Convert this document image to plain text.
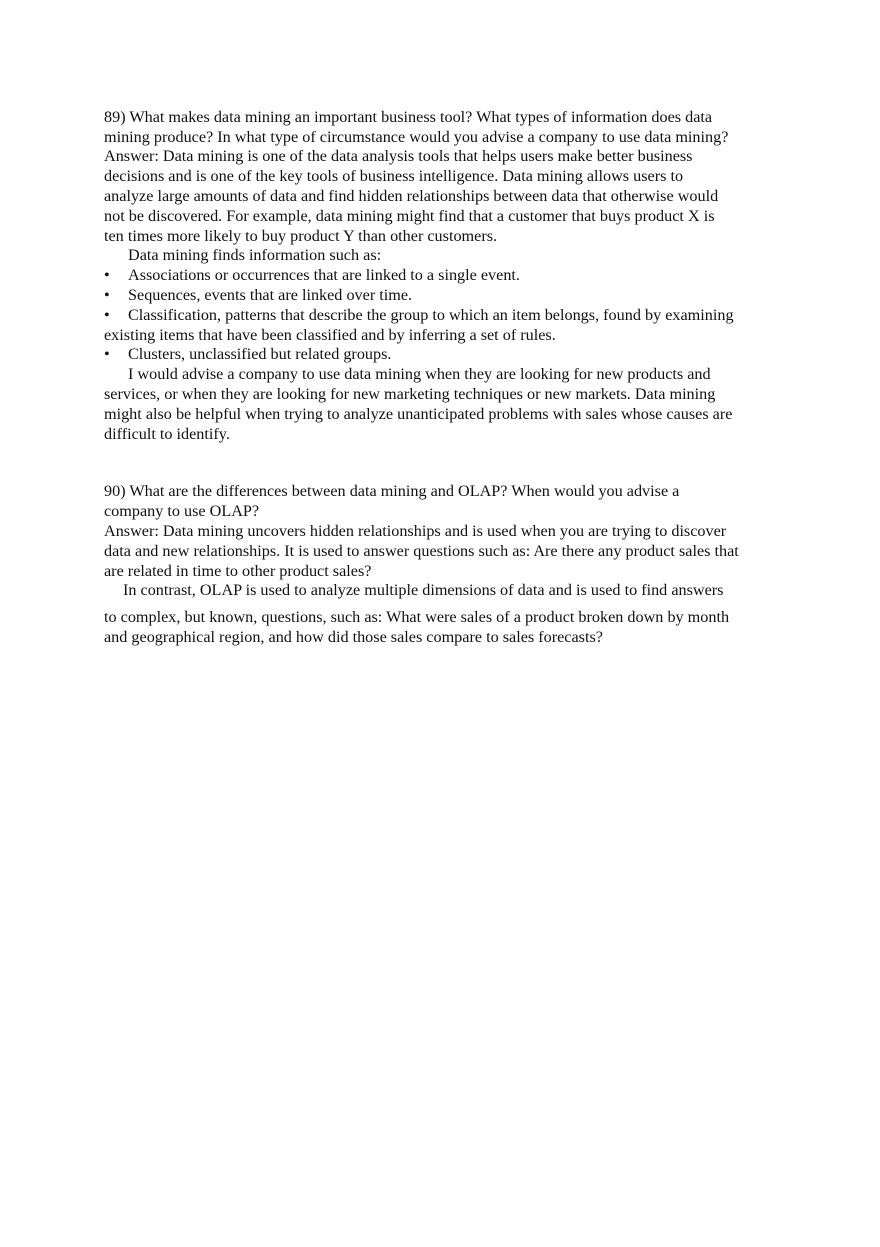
89) What makes data mining an important business tool? What types of information does data

mining produce? In what type of circumstance would you advise a company to use data mining?

Answer: Data mining is one of the data analysis tools that helps users make better business

decisions and is one of the key tools of business intelligence. Data mining allows users to

analyze large amounts of data and find hidden relationships between data that otherwise would

not be discovered. For example, data mining might find that a customer that buys product X is

ten times more likely to buy product Y than other customers.

Data mining finds information such as:

• Associations or occurrences that are linked to a single event.
• Sequences, events that are linked over time.
• Classification, patterns that describe the group to which an item belongs, found by examining

existing items that have been classified and by inferring a set of rules.

• Clusters, unclassified but related groups.

I would advise a company to use data mining when they are looking for new products and

services, or when they are looking for new marketing techniques or new markets. Data mining

might also be helpful when trying to analyze unanticipated problems with sales whose causes are

difficult to identify.

90) What are the differences between data mining and OLAP? When would you advise a

company to use OLAP?

Answer: Data mining uncovers hidden relationships and is used when you are trying to discover

data and new relationships. It is used to answer questions such as: Are there any product sales that

are related in time to other product sales?

In contrast, OLAP is used to analyze multiple dimensions of data and is used to find answers

to complex, but known, questions, such as: What were sales of a product broken down by month

and geographical region, and how did those sales compare to sales forecasts?
